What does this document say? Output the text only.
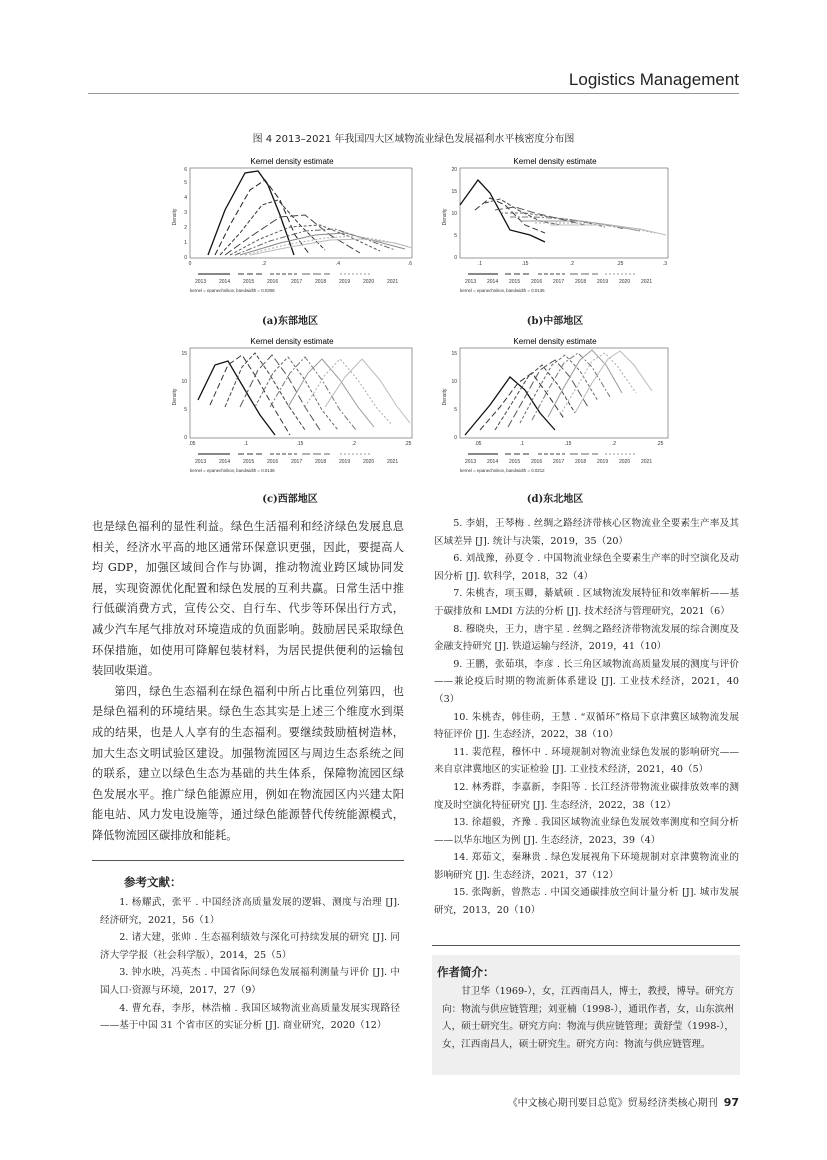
Logistics Management
图 4 2013–2021 年我国四大区域物流业绿色发展福利水平核密度分布图
Kernel density estimate
Density
0
1
2
3
4
5
6
0	.2	.4	.6
2013	2014	2015	2016	2017	2018	2019	2020	2021
kernel = epanechnikov, bandwidth = 0.0308
(a)东部地区
Kernel density estimate
Density
0
5
10
15
20
.1	.15	.2	.25	.3
2013 2014 2015 2016 2017 2018 2019 2020 2021
kernel = epanechnikov, bandwidth = 0.0136
(b)中部地区
Kernel density estimate
Density
0
5
10
15
.05	.1	.15	.2	.25
2013	2014	2015	2016	2017	2018	2019	2020	2021
kernel = epanechnikov, bandwidth = 0.0138
(c)西部地区
Kernel density estimate
Density
0
5
10
15
.05	.1	.15	.2	.25
2013 2014 2015 2016 2017 2018 2019 2020 2021
kernel = epanechnikov, bandwidth = 0.0212
(d)东北地区

也是绿色福利的显性利益。绿色生活福利和经济绿色发展息息相关，经济水平高的地区通常环保意识更强，因此，要提高人均 GDP，加强区域间合作与协调，推动物流业跨区域协同发展，实现资源优化配置和绿色发展的互利共赢。日常生活中推行低碳消费方式，宣传公交、自行车、代步等环保出行方式，减少汽车尾气排放对环境造成的负面影响。鼓励居民采取绿色环保措施，如使用可降解包装材料，为居民提供便利的运输包装回收渠道。

第四，绿色生态福利在绿色福利中所占比重位列第四，也是绿色福利的环境结果。绿色生态其实是上述三个维度水到渠成的结果，也是人人享有的生态福利。要继续鼓励植树造林，加大生态文明试验区建设。加强物流园区与周边生态系统之间的联系，建立以绿色生态为基础的共生体系，保障物流园区绿色发展水平。推广绿色能源应用，例如在物流园区内兴建太阳能电站、风力发电设施等，通过绿色能源替代传统能源模式，降低物流园区碳排放和能耗。

参考文献：

1. 杨耀武，张平 . 中国经济高质量发展的逻辑、测度与治理 [J]. 经济研究，2021，56（1）

2. 诸大建，张帅 . 生态福利绩效与深化可持续发展的研究 [J]. 同济大学学报（社会科学版），2014，25（5）

3. 钟水映，冯英杰 . 中国省际间绿色发展福利测量与评价 [J]. 中国人口·资源与环境，2017，27（9）

4. 曹允春，李彤，林浩楠 . 我国区域物流业高质量发展实现路径——基于中国 31 个省市区的实证分析 [J]. 商业研究，2020（12）

5. 李娟，王琴梅 . 丝绸之路经济带核心区物流业全要素生产率及其区域差异 [J]. 统计与决策，2019，35（20）

6. 刘战豫，孙夏令 . 中国物流业绿色全要素生产率的时空演化及动因分析 [J]. 软科学，2018，32（4）

7. 朱桃杏，项玉卿，綦斌硕 . 区域物流发展特征和效率解析——基于碳排放和 LMDI 方法的分析 [J]. 技术经济与管理研究，2021（6）

8. 穆晓央，王力，唐宇星 . 丝绸之路经济带物流发展的综合测度及金融支持研究 [J]. 铁道运输与经济，2019，41（10）

9. 王鹏，张茹琪，李彦 . 长三角区域物流高质量发展的测度与评价——兼论疫后时期的物流新体系建设 [J]. 工业技术经济，2021，40（3）

10. 朱桃杏，韩佳萌，王慧 . “双循环”格局下京津冀区域物流发展特征评价 [J]. 生态经济，2022，38（10）

11. 裴范程，穆怀中 . 环境规制对物流业绿色发展的影响研究——来自京津冀地区的实证检验 [J]. 工业技术经济，2021，40（5）

12. 林秀群，李嘉新，李阳等 . 长江经济带物流业碳排放效率的测度及时空演化特征研究 [J]. 生态经济，2022，38（12）

13. 徐超毅，齐豫 . 我国区域物流业绿色发展效率测度和空间分析——以华东地区为例 [J]. 生态经济，2023，39（4）

14. 郑茹文，秦琳贵 . 绿色发展视角下环境规制对京津冀物流业的影响研究 [J]. 生态经济，2021，37（12）

15. 张陶新，曾熬志 . 中国交通碳排放空间计量分析 [J]. 城市发展研究，2013，20（10）

作者简介：

甘卫华（1969-），女，江西南昌人，博士，教授，博导。研究方向：物流与供应链管理；刘亚楠（1998-），通讯作者，女，山东滨州人，硕士研究生。研究方向：物流与供应链管理；黄舒莹（1998-），女，江西南昌人，硕士研究生。研究方向：物流与供应链管理。

《中文核心期刊要目总览》贸易经济类核心期刊 97
